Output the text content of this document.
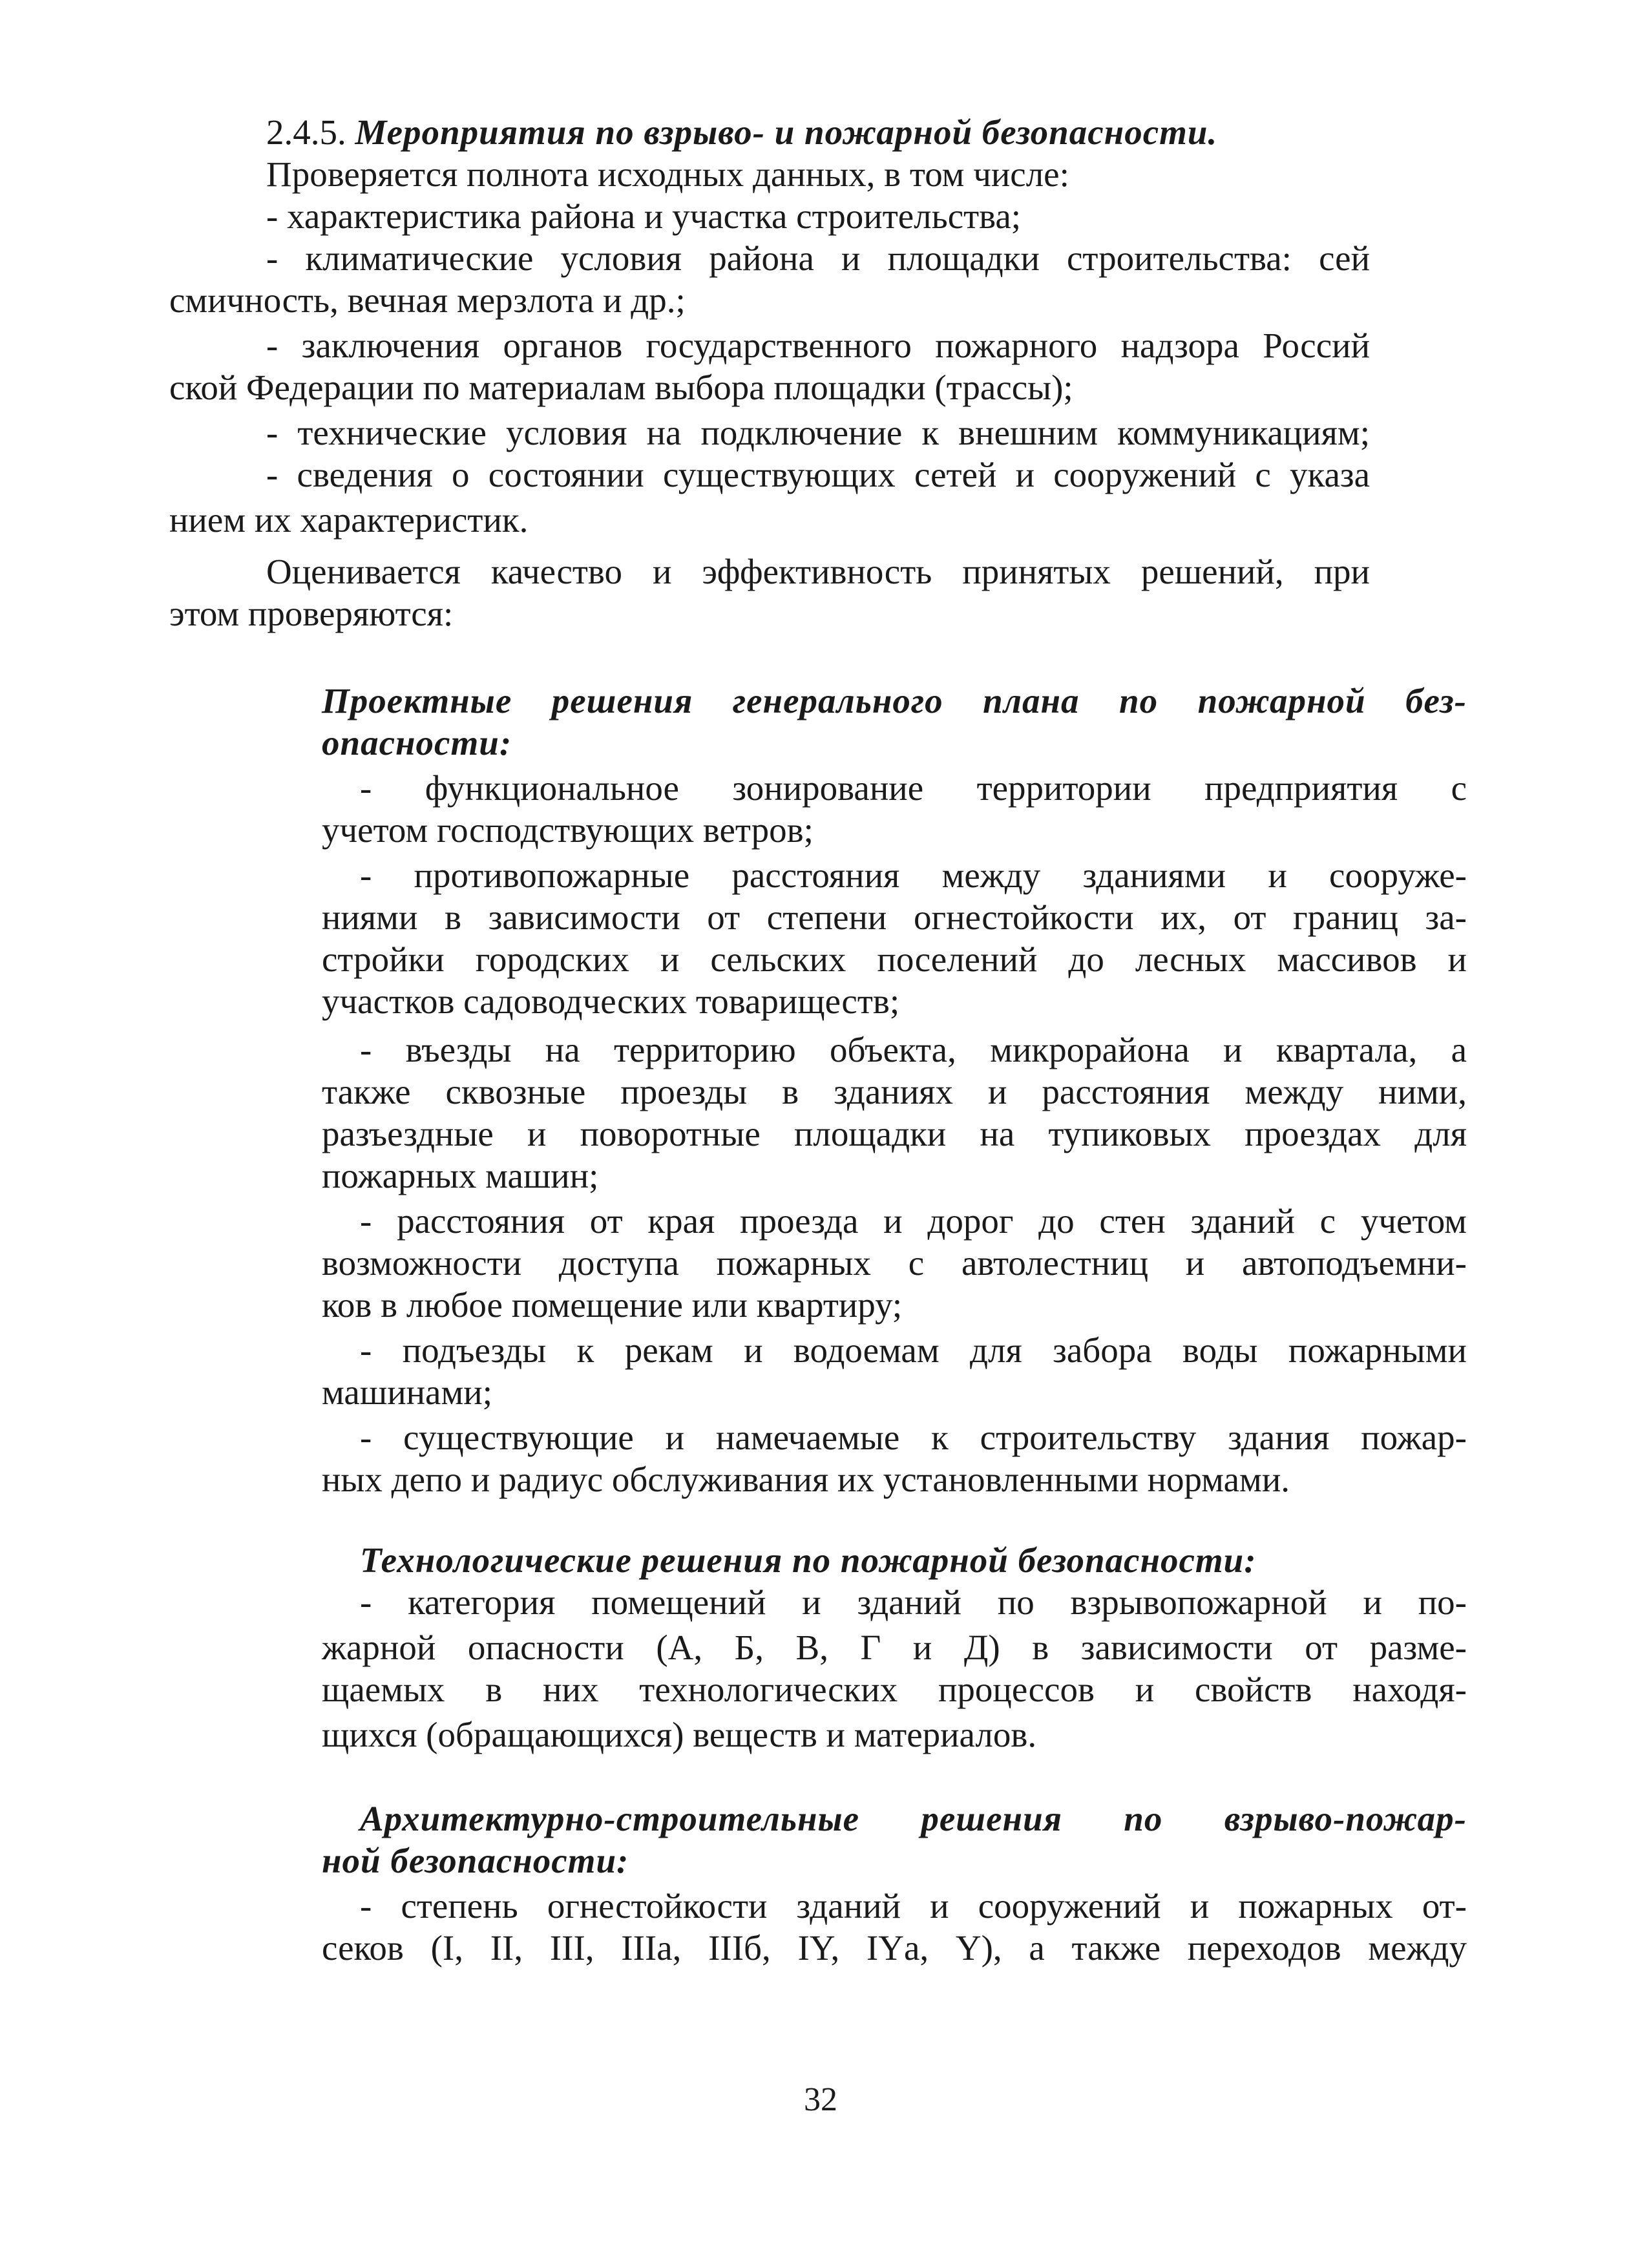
2.4.5. Мероприятия по взрыво- и пожарной безопасности.
Проверяется полнота исходных данных, в том числе:
- характеристика района и участка строительства;
- климатические условия района и площадки строительства: сей
смичность, вечная мерзлота и др.;
- заключения органов государственного пожарного надзора Россий
ской Федерации по материалам выбора площадки (трассы);
- технические условия на подключение к внешним коммуникациям;
- сведения о состоянии существующих сетей и сооружений с указа
нием их характеристик.
Оценивается качество и эффективность принятых решений, при
этом проверяются:
Проектные решения генерального плана по пожарной без-
опасности:
- функциональное зонирование территории предприятия с
учетом господствующих ветров;
- противопожарные расстояния между зданиями и сооруже-
ниями в зависимости от степени огнестойкости их, от границ за-
стройки городских и сельских поселений до лесных массивов и
участков садоводческих товариществ;
- въезды на территорию объекта, микрорайона и квартала, а
также сквозные проезды в зданиях и расстояния между ними,
разъездные и поворотные площадки на тупиковых проездах для
пожарных машин;
- расстояния от края проезда и дорог до стен зданий с учетом
возможности доступа пожарных с автолестниц и автоподъемни-
ков в любое помещение или квартиру;
- подъезды к рекам и водоемам для забора воды пожарными
машинами;
- существующие и намечаемые к строительству здания пожар-
ных депо и радиус обслуживания их установленными нормами.
Технологические решения по пожарной безопасности:
- категория помещений и зданий по взрывопожарной и по-
жарной опасности (А, Б, В, Г и Д) в зависимости от разме-
щаемых в них технологических процессов и свойств находя-
щихся (обращающихся) веществ и материалов.
Архитектурно-строительные решения по взрыво-пожар-
ной безопасности:
- степень огнестойкости зданий и сооружений и пожарных от-
секов (I, II, III, IIIа, IIIб, IY, IYа, Y), а также переходов между
32
